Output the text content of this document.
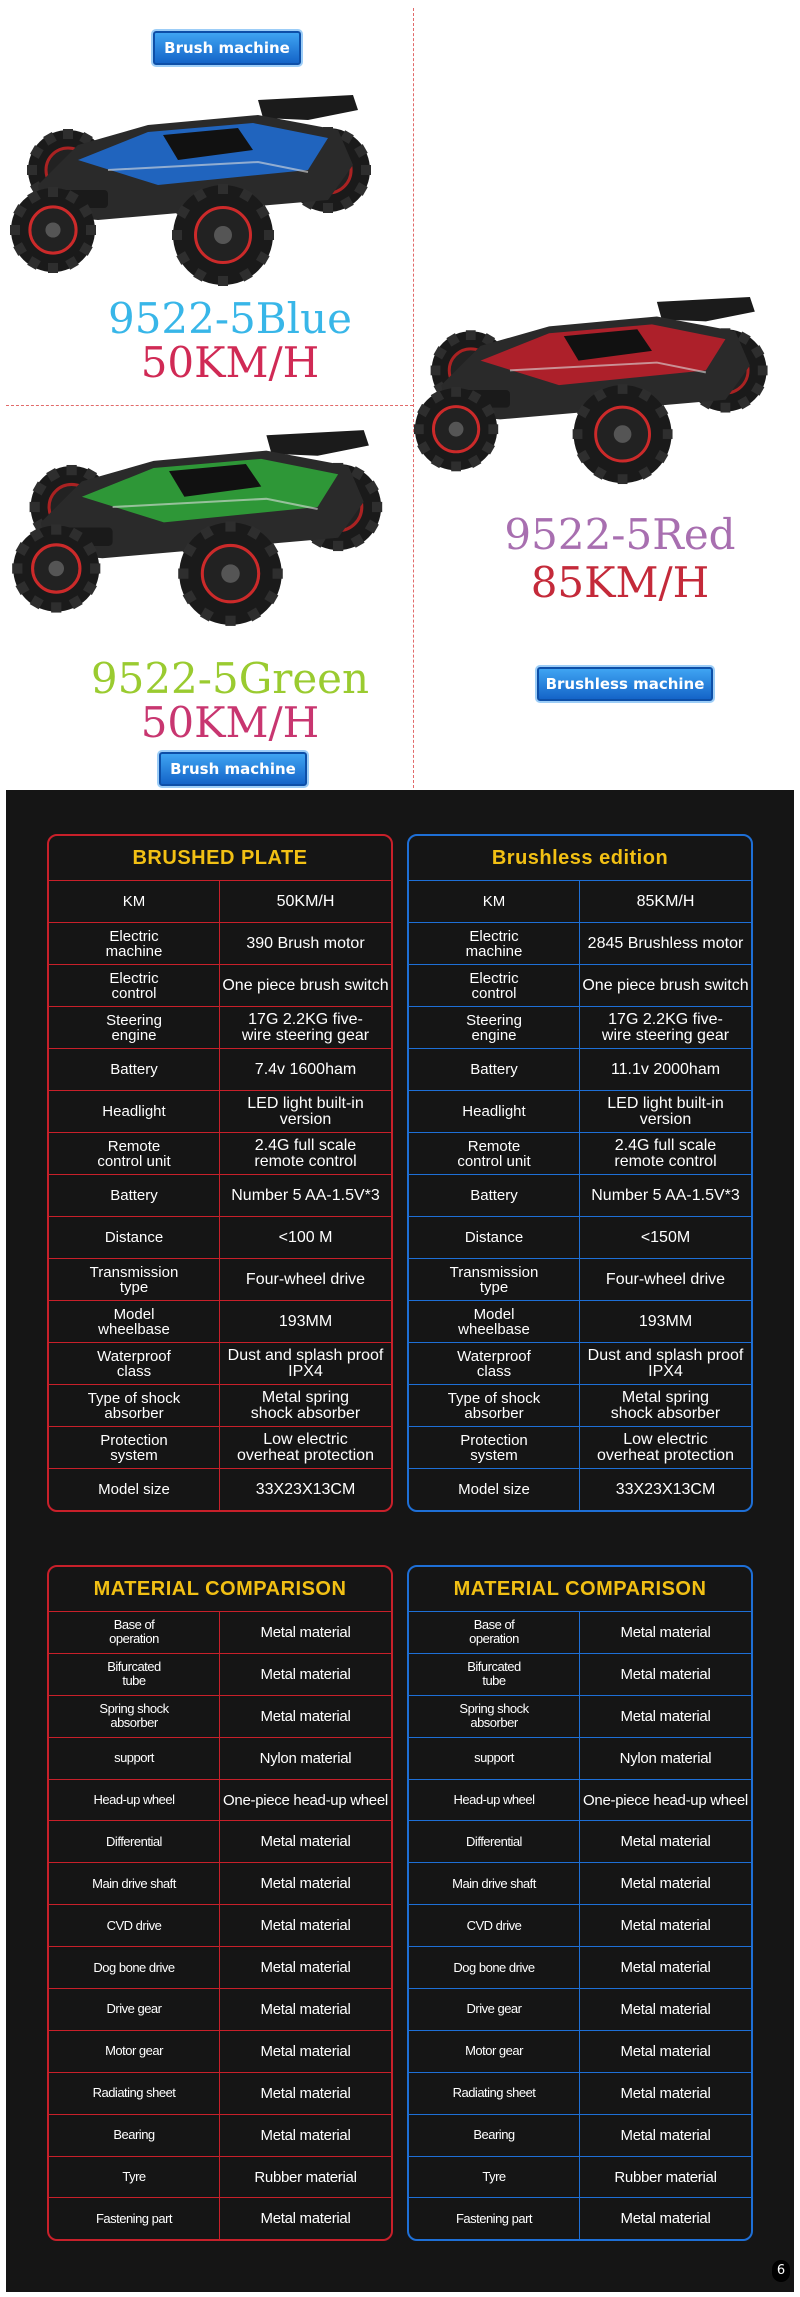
Brush machine
9522-5Blue
50KM/H
9522-5Red
85KM/H
Brushless machine
9522-5Green
50KM/H
Brush machine
BRUSHED PLATE	
KM	50KM/H
Electric
machine	390 Brush motor
Electric
control	One piece brush switch
Steering
engine	17G 2.2KG five-
wire steering gear
Battery	7.4v 1600ham
Headlight	LED light built-in version
Remote
control unit	2.4G full scale
remote control
Battery	Number 5 AA-1.5V*3
Distance	<100 M
Transmission
type	Four-wheel drive
Model
wheelbase	193MM
Waterproof
class	Dust and splash proof IPX4
Type of shock
absorber	Metal spring
shock absorber
Protection
system	Low electric
overheat protection
Model size	33X23X13CM
Brushless edition	
KM	85KM/H
Electric
machine	2845 Brushless motor
Electric
control	One piece brush switch
Steering
engine	17G 2.2KG five-
wire steering gear
Battery	11.1v 2000ham
Headlight	LED light built-in version
Remote
control unit	2.4G full scale
remote control
Battery	Number 5 AA-1.5V*3
Distance	<150M
Transmission
type	Four-wheel drive
Model
wheelbase	193MM
Waterproof
class	Dust and splash proof IPX4
Type of shock
absorber	Metal spring
shock absorber
Protection
system	Low electric
overheat protection
Model size	33X23X13CM
MATERIAL COMPARISON	
Base of
operation	Metal material
Bifurcated
tube	Metal material
Spring shock
absorber	Metal material
support	Nylon material
Head-up wheel	One-piece head-up wheel
Differential	Metal material
Main drive shaft	Metal material
CVD drive	Metal material
Dog bone drive	Metal material
Drive gear	Metal material
Motor gear	Metal material
Radiating sheet	Metal material
Bearing	Metal material
Tyre	Rubber material
Fastening part	Metal material
MATERIAL COMPARISON	
Base of
operation	Metal material
Bifurcated
tube	Metal material
Spring shock
absorber	Metal material
support	Nylon material
Head-up wheel	One-piece head-up wheel
Differential	Metal material
Main drive shaft	Metal material
CVD drive	Metal material
Dog bone drive	Metal material
Drive gear	Metal material
Motor gear	Metal material
Radiating sheet	Metal material
Bearing	Metal material
Tyre	Rubber material
Fastening part	Metal material
6
